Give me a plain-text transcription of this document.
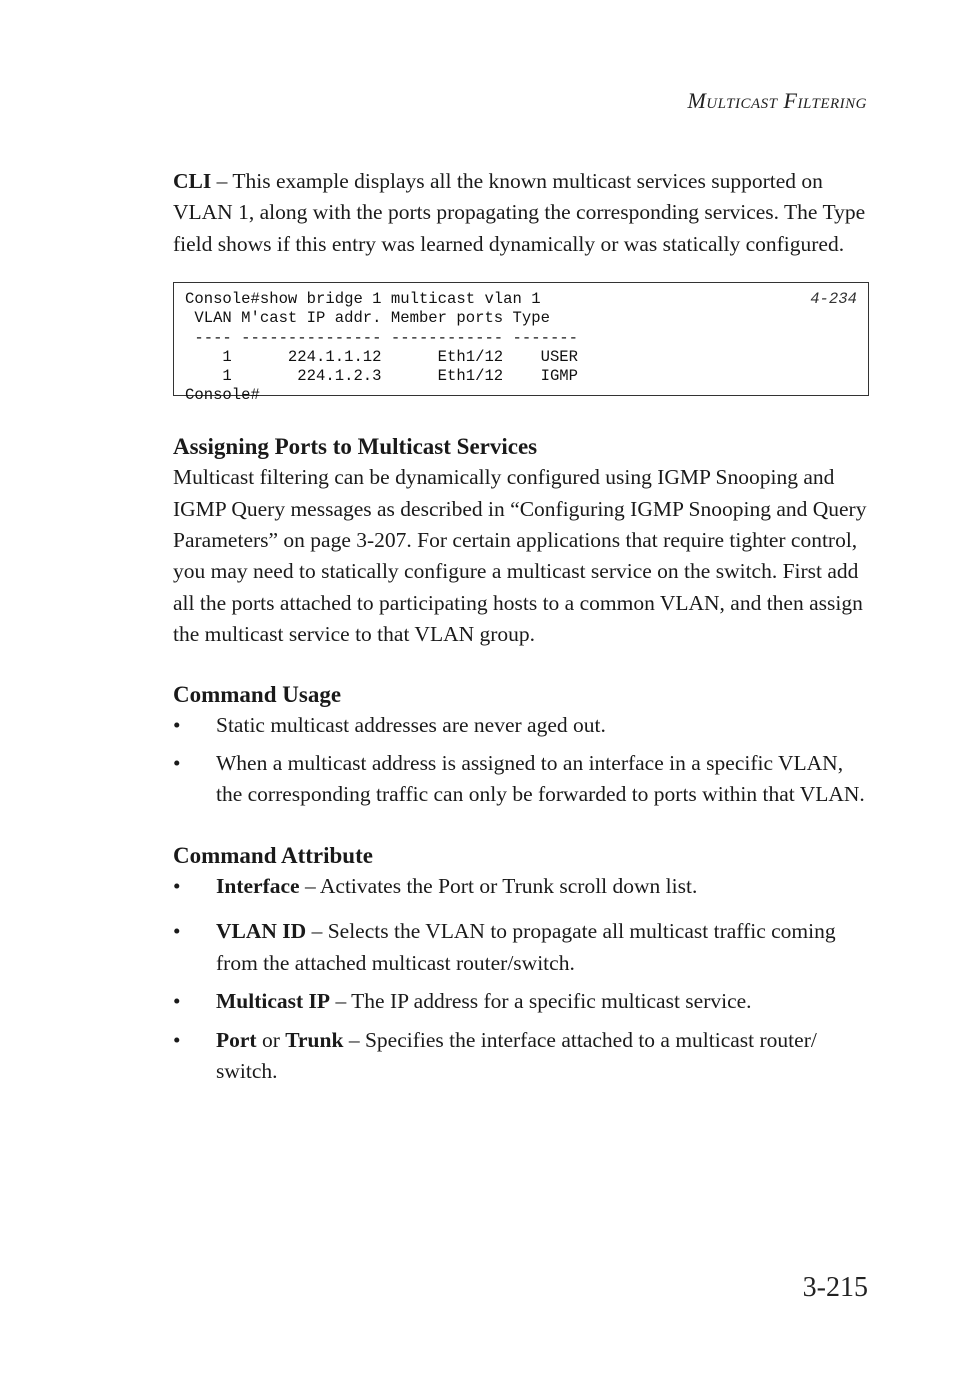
Multicast Filtering

CLI – This example displays all the known multicast services supported on VLAN 1, along with the ports propagating the corresponding services. The Type field shows if this entry was learned dynamically or was statically configured.

Console#show bridge 1 multicast vlan 1	4-234
VLAN M'cast IP addr. Member ports Type
---- --------------- ------------ -------
1      224.1.1.12      Eth1/12    USER
1       224.1.2.3      Eth1/12    IGMP
Console#
Assigning Ports to Multicast Services

Multicast filtering can be dynamically configured using IGMP Snooping and IGMP Query messages as described in “Configuring IGMP Snooping and Query Parameters” on page 3-207. For certain applications that require tighter control, you may need to statically configure a multicast service on the switch. First add all the ports attached to participating hosts to a common VLAN, and then assign the multicast service to that VLAN group.

Command Usage
• Static multicast addresses are never aged out.
• When a multicast address is assigned to an interface in a specific VLAN, the corresponding traffic can only be forwarded to ports within that VLAN.
Command Attribute
• Interface – Activates the Port or Trunk scroll down list.
• VLAN ID – Selects the VLAN to propagate all multicast traffic coming from the attached multicast router/switch.
• Multicast IP – The IP address for a specific multicast service.
• Port or Trunk – Specifies the interface attached to a multicast router/ switch.
3-215
